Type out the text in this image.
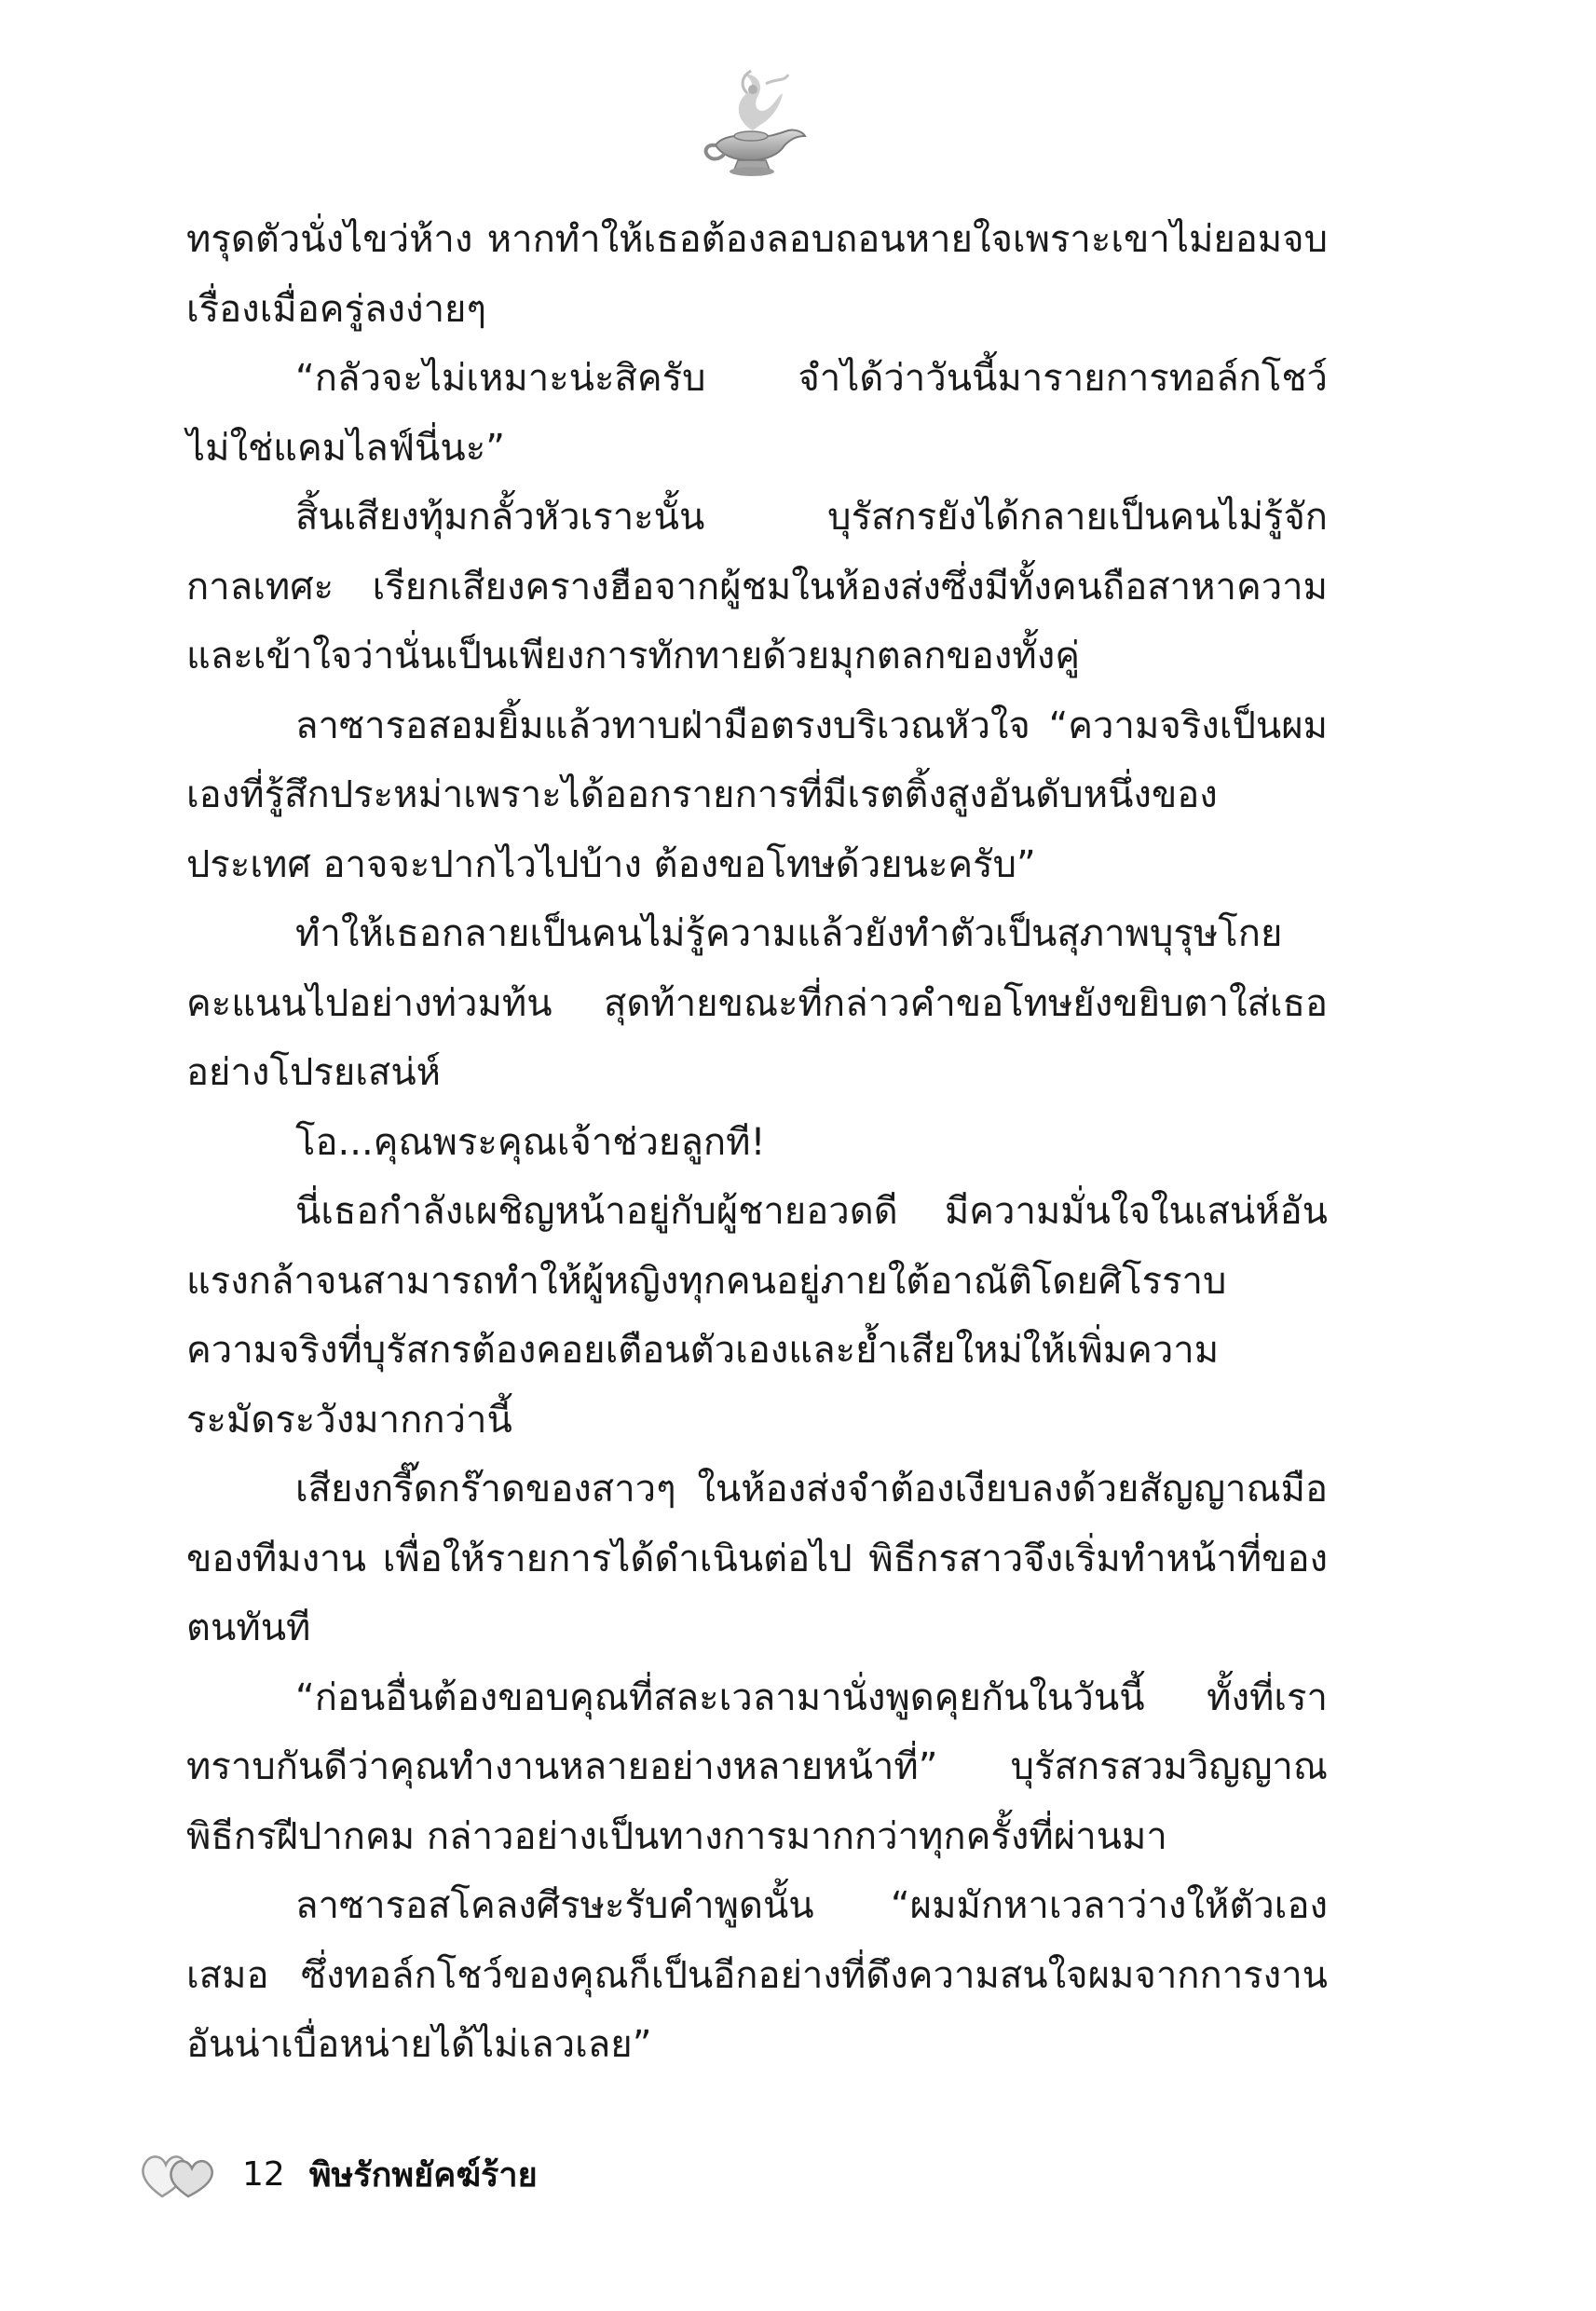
ทรุดตัวนั่งไขว่ห้าง หากทำให้เธอต้องลอบถอนหายใจเพราะเขาไม่ยอมจบเรื่องเมื่อครู่ลงง่ายๆ

“กลัวจะไม่เหมาะน่ะสิครับ จำได้ว่าวันนี้มารายการทอล์กโชว์ไม่ใช่แคมไลฟ์นี่นะ”

สิ้นเสียงทุ้มกลั้วหัวเราะนั้น บุรัสกรยังได้กลายเป็นคนไม่รู้จักกาลเทศะ เรียกเสียงครางฮือจากผู้ชมในห้องส่งซึ่งมีทั้งคนถือสาหาความและเข้าใจว่านั่นเป็นเพียงการทักทายด้วยมุกตลกของทั้งคู่

ลาซารอสอมยิ้มแล้วทาบฝ่ามือตรงบริเวณหัวใจ “ความจริงเป็นผมเองที่รู้สึกประหม่าเพราะได้ออกรายการที่มีเรตติ้งสูงอันดับหนึ่งของประเทศ อาจจะปากไวไปบ้าง ต้องขอโทษด้วยนะครับ”

ทำให้เธอกลายเป็นคนไม่รู้ความแล้วยังทำตัวเป็นสุภาพบุรุษโกยคะแนนไปอย่างท่วมท้น สุดท้ายขณะที่กล่าวคำขอโทษยังขยิบตาใส่เธออย่างโปรยเสน่ห์

โอ...คุณพระคุณเจ้าช่วยลูกที!

นี่เธอกำลังเผชิญหน้าอยู่กับผู้ชายอวดดี มีความมั่นใจในเสน่ห์อันแรงกล้าจนสามารถทำให้ผู้หญิงทุกคนอยู่ภายใต้อาณัติโดยศิโรราบ ความจริงที่บุรัสกรต้องคอยเตือนตัวเองและย้ำเสียใหม่ให้เพิ่มความระมัดระวังมากกว่านี้

เสียงกรี๊ดกร๊าดของสาวๆ ในห้องส่งจำต้องเงียบลงด้วยสัญญาณมือของทีมงาน เพื่อให้รายการได้ดำเนินต่อไป พิธีกรสาวจึงเริ่มทำหน้าที่ของตนทันที

“ก่อนอื่นต้องขอบคุณที่สละเวลามานั่งพูดคุยกันในวันนี้ ทั้งที่เราทราบกันดีว่าคุณทำงานหลายอย่างหลายหน้าที่” บุรัสกรสวมวิญญาณพิธีกรฝีปากคม กล่าวอย่างเป็นทางการมากกว่าทุกครั้งที่ผ่านมา

ลาซารอสโคลงศีรษะรับคำพูดนั้น “ผมมักหาเวลาว่างให้ตัวเองเสมอ ซึ่งทอล์กโชว์ของคุณก็เป็นอีกอย่างที่ดึงความสนใจผมจากการงานอันน่าเบื่อหน่ายได้ไม่เลวเลย”

12 พิษรักพยัคฆ์ร้าย
